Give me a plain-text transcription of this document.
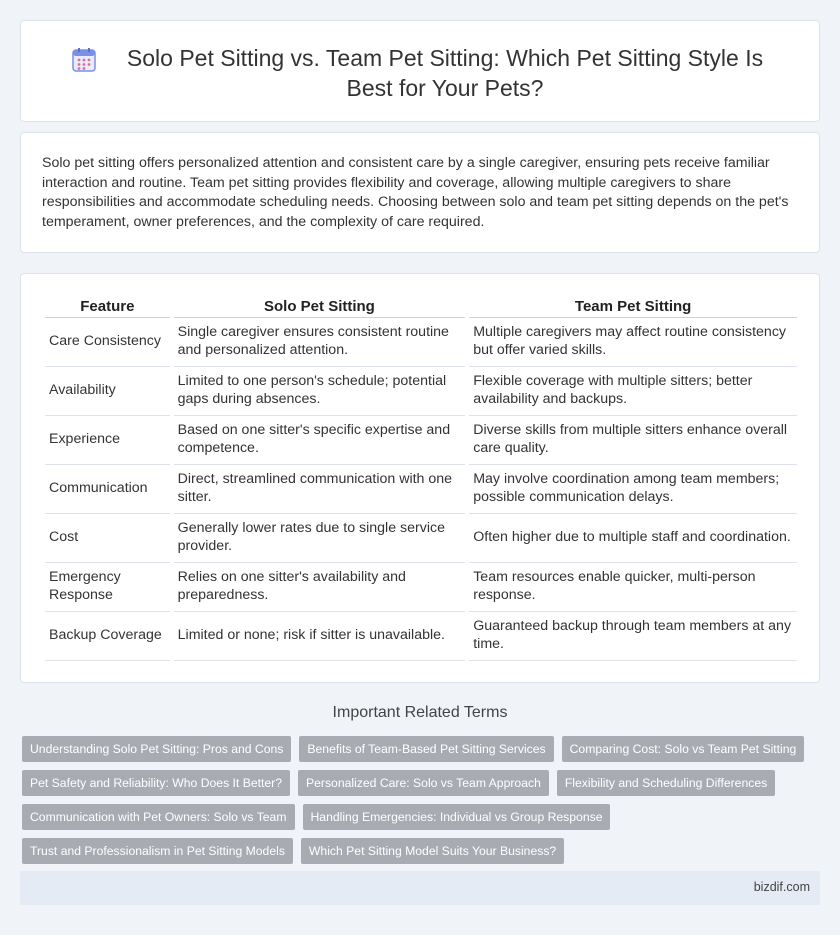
Solo Pet Sitting vs. Team Pet Sitting: Which Pet Sitting Style Is Best for Your Pets?

Solo pet sitting offers personalized attention and consistent care by a single caregiver, ensuring pets receive familiar interaction and routine. Team pet sitting provides flexibility and coverage, allowing multiple caregivers to share responsibilities and accommodate scheduling needs. Choosing between solo and team pet sitting depends on the pet's temperament, owner preferences, and the complexity of care required.

Feature	Solo Pet Sitting	Team Pet Sitting
Care Consistency	Single caregiver ensures consistent routine and personalized attention.	Multiple caregivers may affect routine consistency but offer varied skills.
Availability	Limited to one person's schedule; potential gaps during absences.	Flexible coverage with multiple sitters; better availability and backups.
Experience	Based on one sitter's specific expertise and competence.	Diverse skills from multiple sitters enhance overall care quality.
Communication	Direct, streamlined communication with one sitter.	May involve coordination among team members; possible communication delays.
Cost	Generally lower rates due to single service provider.	Often higher due to multiple staff and coordination.
Emergency Response	Relies on one sitter's availability and preparedness.	Team resources enable quicker, multi-person response.
Backup Coverage	Limited or none; risk if sitter is unavailable.	Guaranteed backup through team members at any time.
Important Related Terms
Understanding Solo Pet Sitting: Pros and Cons	Benefits of Team-Based Pet Sitting Services	Comparing Cost: Solo vs Team Pet Sitting
Pet Safety and Reliability: Who Does It Better?	Personalized Care: Solo vs Team Approach	Flexibility and Scheduling Differences
Communication with Pet Owners: Solo vs Team	Handling Emergencies: Individual vs Group Response
Trust and Professionalism in Pet Sitting Models	Which Pet Sitting Model Suits Your Business?
bizdif.com
